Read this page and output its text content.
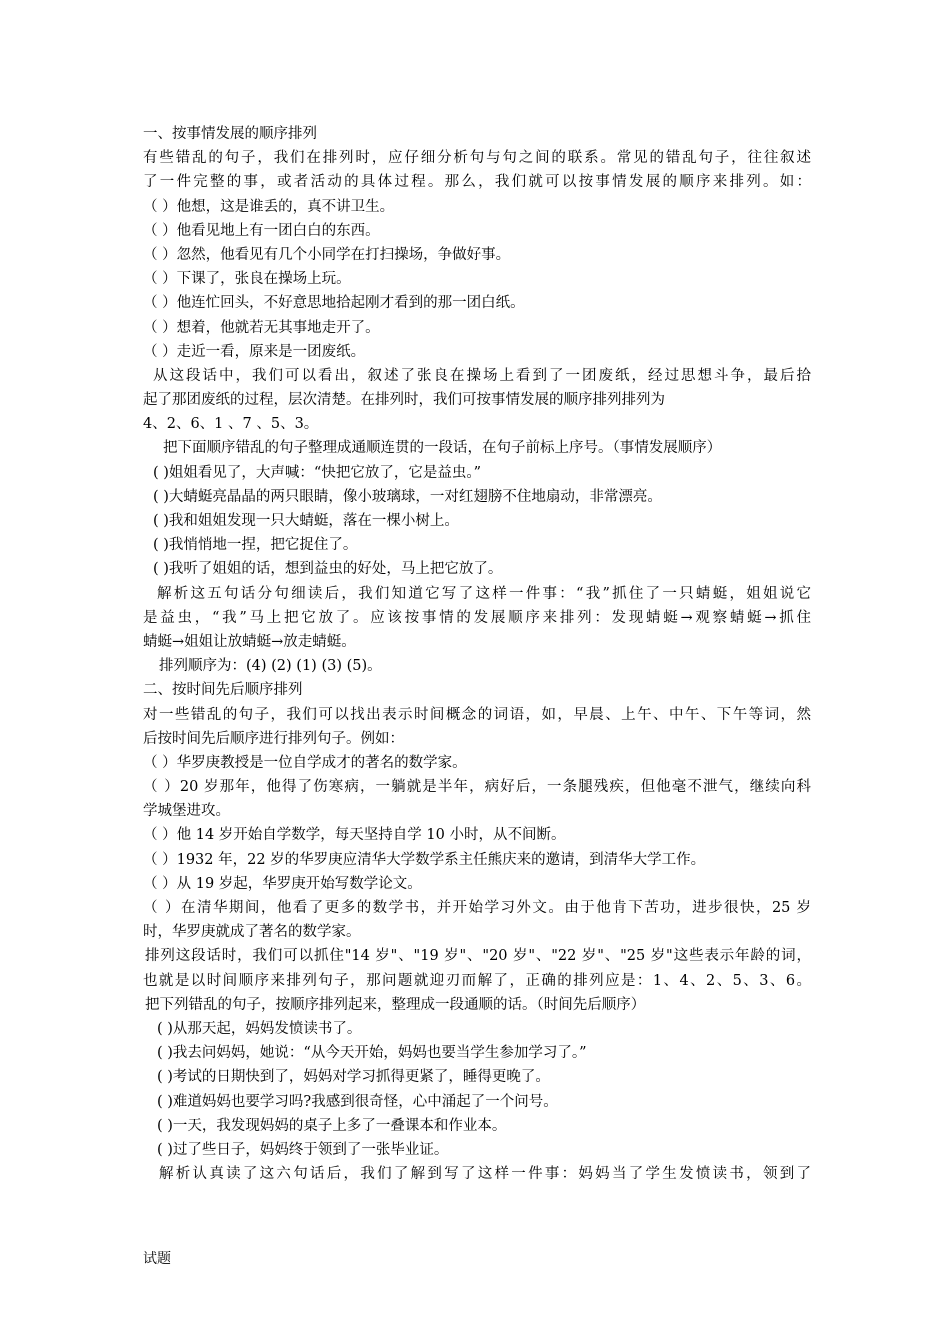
一、按事情发展的顺序排列
有些错乱的句子，我们在排列时，应仔细分析句与句之间的联系。常见的错乱句子，往往叙述
了一件完整的事，或者活动的具体过程。那么，我们就可以按事情发展的顺序来排列。如：
（ ）他想，这是谁丢的，真不讲卫生。
（ ）他看见地上有一团白白的东西。
（ ）忽然，他看见有几个小同学在打扫操场，争做好事。
（ ）下课了，张良在操场上玩。
（ ）他连忙回头，不好意思地拾起刚才看到的那一团白纸。
（ ）想着，他就若无其事地走开了。
（ ）走近一看，原来是一团废纸。
从这段话中，我们可以看出，叙述了张良在操场上看到了一团废纸，经过思想斗争，最后拾
起了那团废纸的过程，层次清楚。在排列时，我们可按事情发展的顺序排列排列为
4、2、6、1 、7 、5、3。
把下面顺序错乱的句子整理成通顺连贯的一段话，在句子前标上序号。（事情发展顺序）
( )姐姐看见了，大声喊：“快把它放了，它是益虫。”
( )大蜻蜓亮晶晶的两只眼睛，像小玻璃球，一对红翅膀不住地扇动，非常漂亮。
( )我和姐姐发现一只大蜻蜓，落在一棵小树上。
( )我悄悄地一捏，把它捉住了。
( )我听了姐姐的话，想到益虫的好处，马上把它放了。
解析这五句话分句细读后，我们知道它写了这样一件事：“我”抓住了一只蜻蜓，姐姐说它
是益虫，“我”马上把它放了。应该按事情的发展顺序来排列：发现蜻蜓→观察蜻蜓→抓住
蜻蜓→姐姐让放蜻蜓→放走蜻蜓。
排列顺序为：(4) (2) (1) (3) (5)。
二、按时间先后顺序排列
对一些错乱的句子，我们可以找出表示时间概念的词语，如，早晨、上午、中午、下午等词，然
后按时间先后顺序进行排列句子。例如：
（ ）华罗庚教授是一位自学成才的著名的数学家。
（ ）20 岁那年，他得了伤寒病，一躺就是半年，病好后，一条腿残疾，但他毫不泄气，继续向科
学城堡进攻。
（ ）他 14 岁开始自学数学，每天坚持自学 10 小时，从不间断。
（ ）1932 年，22 岁的华罗庚应清华大学数学系主任熊庆来的邀请，到清华大学工作。
（ ）从 19 岁起，华罗庚开始写数学论文。
（ ）在清华期间，他看了更多的数学书，并开始学习外文。由于他肯下苦功，进步很快，25 岁
时，华罗庚就成了著名的数学家。
排列这段话时，我们可以抓住"14 岁"、"19 岁"、"20 岁"、"22 岁"、"25 岁"这些表示年龄的词，
也就是以时间顺序来排列句子，那问题就迎刃而解了，正确的排列应是：1、4、2、5、3、6。
把下列错乱的句子，按顺序排列起来，整理成一段通顺的话。（时间先后顺序）
( )从那天起，妈妈发愤读书了。
( )我去问妈妈，她说：“从今天开始，妈妈也要当学生参加学习了。”
( )考试的日期快到了，妈妈对学习抓得更紧了，睡得更晚了。
( )难道妈妈也要学习吗?我感到很奇怪，心中涌起了一个问号。
( )一天，我发现妈妈的桌子上多了一叠课本和作业本。
( )过了些日子，妈妈终于领到了一张毕业证。
解析认真读了这六句话后，我们了解到写了这样一件事：妈妈当了学生发愤读书，领到了
试题
